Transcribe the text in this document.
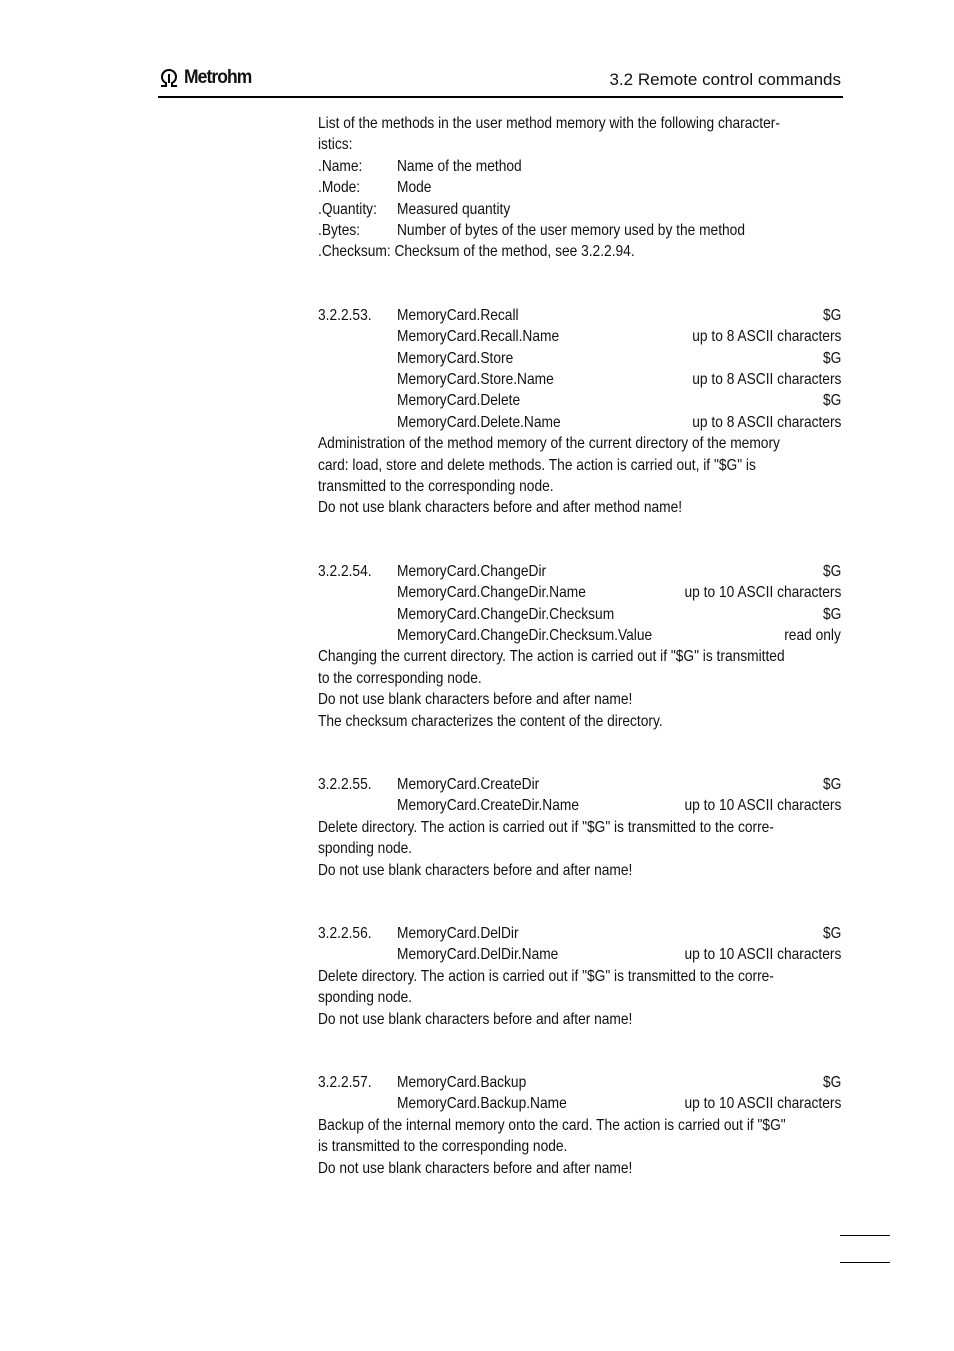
Metrohm	3.2 Remote control commands

List of the methods in the user method memory with the following character-

istics:

.Name:	Name of the method
.Mode:	Mode
.Quantity:	Measured quantity
.Bytes:	Number of bytes of the user memory used by the method
.Checksum: Checksum of the method, see 3.2.2.94.
3.2.2.53.	MemoryCard.Recall	$G
MemoryCard.Recall.Name	up to 8 ASCII characters
MemoryCard.Store	$G
MemoryCard.Store.Name	up to 8 ASCII characters
MemoryCard.Delete	$G
MemoryCard.Delete.Name	up to 8 ASCII characters

Administration of the method memory of the current directory of the memory

card: load, store and delete methods. The action is carried out, if "$G" is

transmitted to the corresponding node.

Do not use blank characters before and after method name!

3.2.2.54.	MemoryCard.ChangeDir	$G
MemoryCard.ChangeDir.Name	up to 10 ASCII characters
MemoryCard.ChangeDir.Checksum	$G
MemoryCard.ChangeDir.Checksum.Value	read only

Changing the current directory. The action is carried out if "$G" is transmitted

to the corresponding node.

Do not use blank characters before and after name!

The checksum characterizes the content of the directory.

3.2.2.55.	MemoryCard.CreateDir	$G
MemoryCard.CreateDir.Name	up to 10 ASCII characters

Delete directory. The action is carried out if "$G" is transmitted to the corre-

sponding node.

Do not use blank characters before and after name!

3.2.2.56.	MemoryCard.DelDir	$G
MemoryCard.DelDir.Name	up to 10 ASCII characters

Delete directory. The action is carried out if "$G" is transmitted to the corre-

sponding node.

Do not use blank characters before and after name!

3.2.2.57.	MemoryCard.Backup	$G
MemoryCard.Backup.Name	up to 10 ASCII characters

Backup of the internal memory onto the card. The action is carried out if "$G"

is transmitted to the corresponding node.

Do not use blank characters before and after name!
